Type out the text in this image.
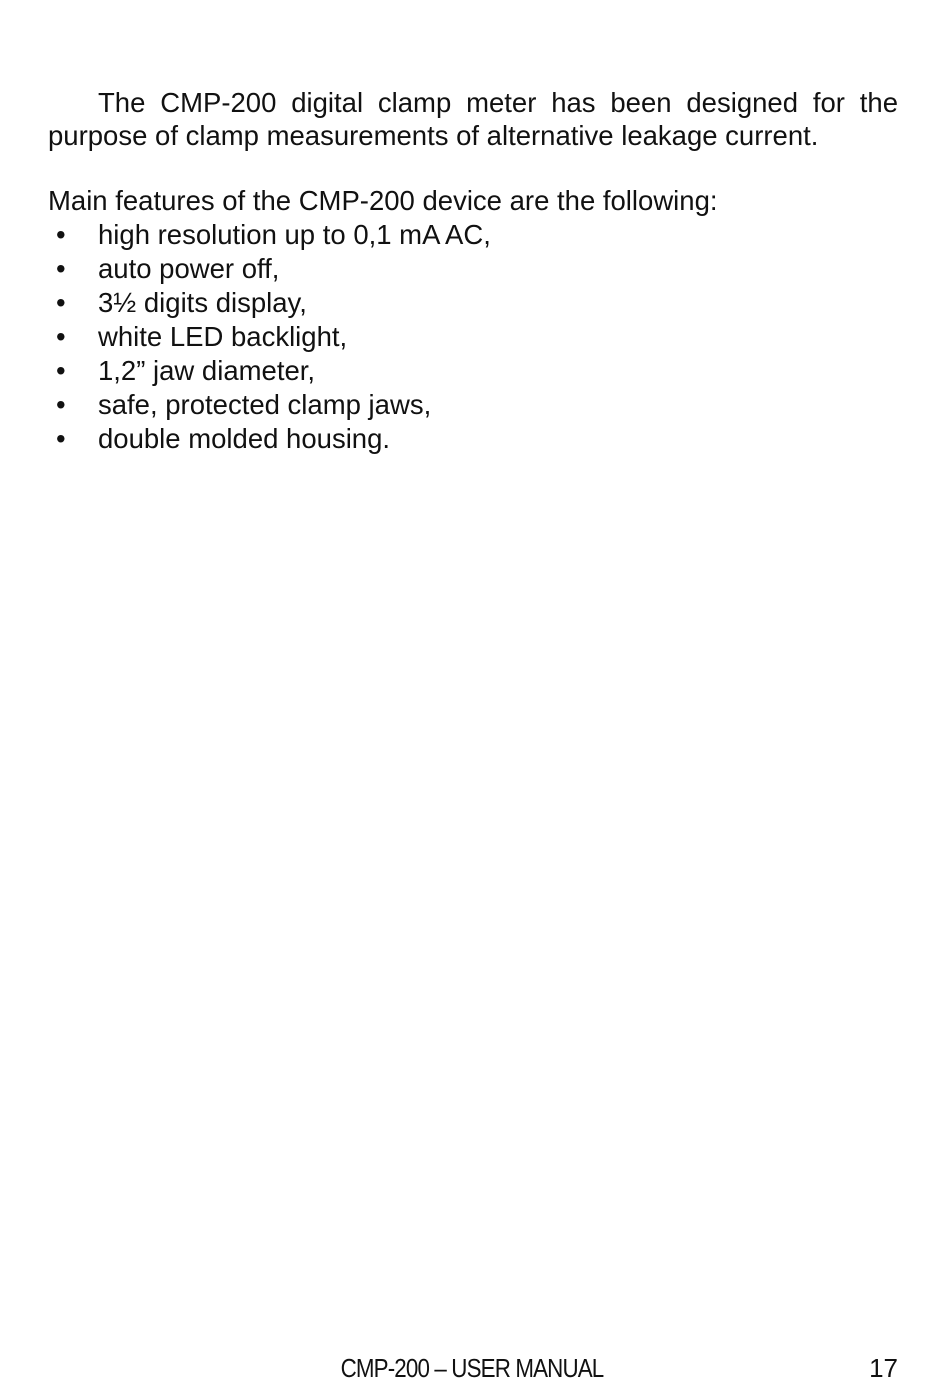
The CMP-200 digital clamp meter has been designed for the purpose of clamp measurements of alternative leakage current.

Main features of the CMP-200 device are the following:

•	high resolution up to 0,1 mA AC,
•	auto power off,
•	3½ digits display,
•	white LED backlight,
•	1,2” jaw diameter,
•	safe, protected clamp jaws,
•	double molded housing.
CMP-200 – USER MANUAL	17
